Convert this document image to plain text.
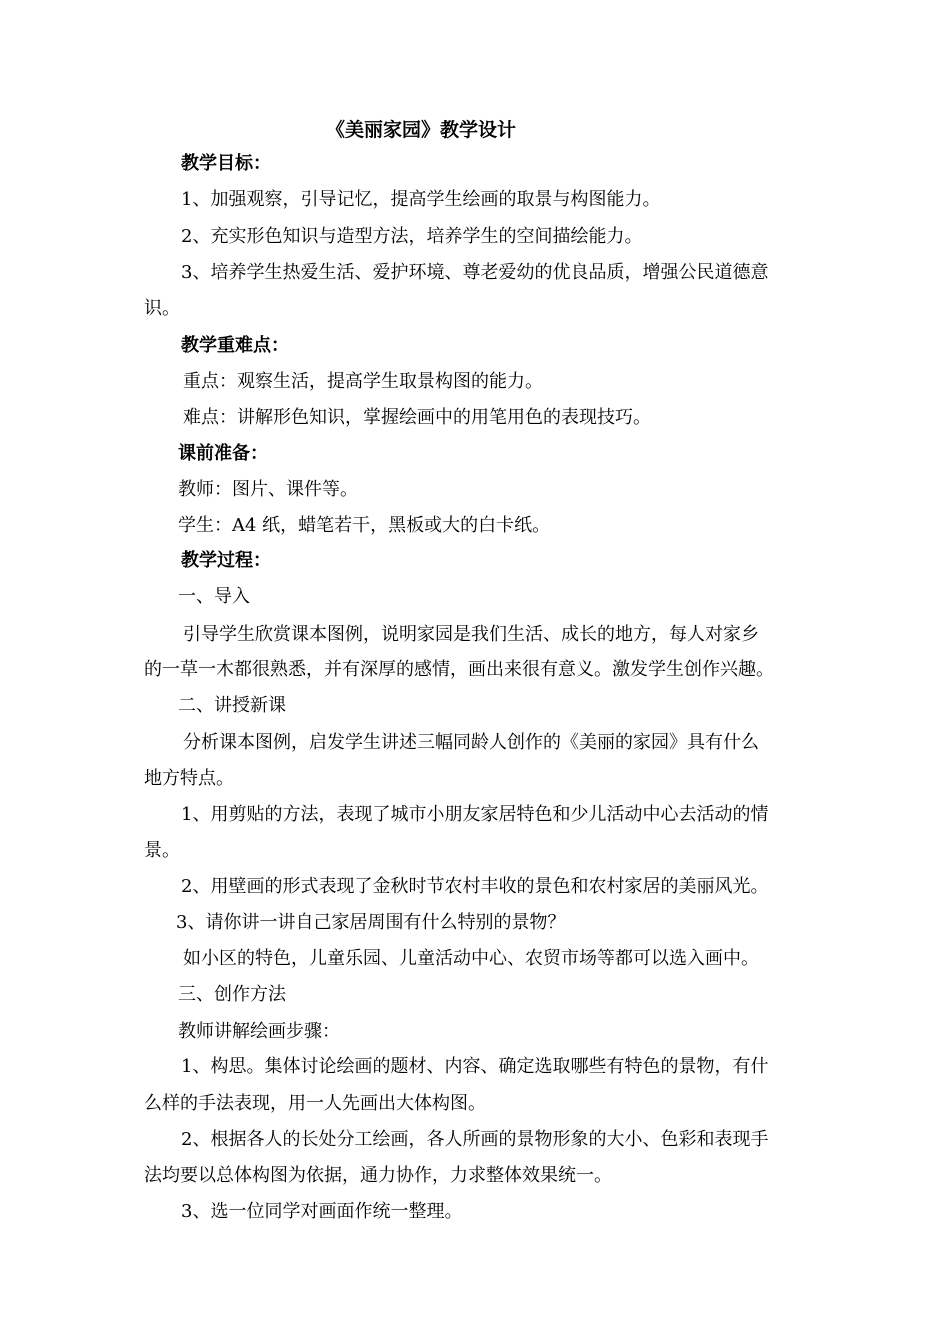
《美丽家园》教学设计
教学目标：
1、加强观察，引导记忆，提高学生绘画的取景与构图能力。
2、充实形色知识与造型方法，培养学生的空间描绘能力。
3、培养学生热爱生活、爱护环境、尊老爱幼的优良品质，增强公民道德意
识。
教学重难点：
重点：观察生活，提高学生取景构图的能力。
难点：讲解形色知识，掌握绘画中的用笔用色的表现技巧。
课前准备：
教师：图片、课件等。
学生：A4 纸，蜡笔若干，黑板或大的白卡纸。
教学过程：
一、导入
引导学生欣赏课本图例，说明家园是我们生活、成长的地方，每人对家乡
的一草一木都很熟悉，并有深厚的感情，画出来很有意义。激发学生创作兴趣。
二、讲授新课
分析课本图例，启发学生讲述三幅同龄人创作的《美丽的家园》具有什么
地方特点。
1、用剪贴的方法，表现了城市小朋友家居特色和少儿活动中心去活动的情
景。
2、用壁画的形式表现了金秋时节农村丰收的景色和农村家居的美丽风光。
3、请你讲一讲自己家居周围有什么特别的景物？
如小区的特色，儿童乐园、儿童活动中心、农贸市场等都可以选入画中。
三、创作方法
教师讲解绘画步骤：
1、构思。集体讨论绘画的题材、内容、确定选取哪些有特色的景物，有什
么样的手法表现，用一人先画出大体构图。
2、根据各人的长处分工绘画，各人所画的景物形象的大小、色彩和表现手
法均要以总体构图为依据，通力协作，力求整体效果统一。
3、选一位同学对画面作统一整理。
